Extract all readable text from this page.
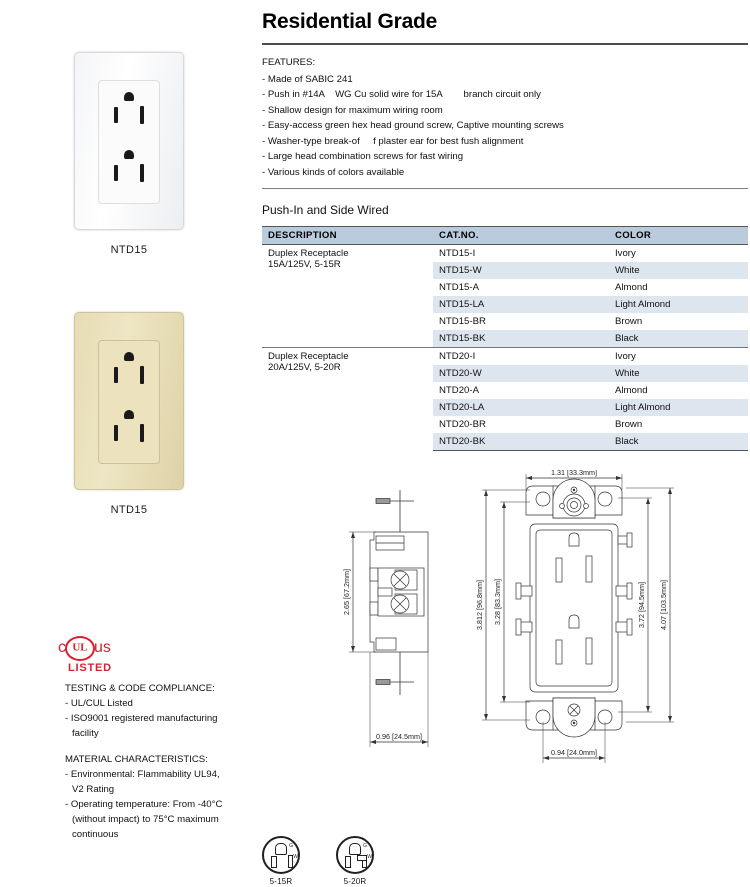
NTD15
NTD15
c UL us
LISTED

TESTING & CODE COMPLIANCE:

- UL/CUL Listed

- ISO9001 registered manufacturing

facility

MATERIAL CHARACTERISTICS:

- Environmental: Flammability UL94,

V2 Rating

- Operating temperature: From -40°C

(without impact) to 75°C maximum

continuous

G
W
5-15R
G
W
5-20R
Residential Grade
FEATURES:
- Made of SABIC 241
- Push in #14A    WG Cu solid wire for 15A        branch circuit only
- Shallow design for maximum wiring room
- Easy-access green hex head ground screw, Captive mounting screws
- Washer-type break-of     f plaster ear for best fush alignment
- Large head combination screws for fast wiring
- Various kinds of colors available
Push-In and Side Wired
DESCRIPTION	CAT.NO.	COLOR

Duplex Receptacle
15A/125V, 5-15R	NTD15-I	Ivory
	NTD15-W	White
	NTD15-A	Almond
	NTD15-LA	Light Almond
	NTD15-BR	Brown
	NTD15-BK	Black

Duplex Receptacle
20A/125V, 5-20R	NTD20-I	Ivory
	NTD20-W	White
	NTD20-A	Almond
	NTD20-LA	Light Almond
	NTD20-BR	Brown
	NTD20-BK	Black
2.65 [67.2mm]
0.96 [24.5mm]
1.31 [33.3mm]
0.94 [24.0mm]
3.812 [96.8mm] 3.28 [83.3mm]	3.72 [94.5mm] 4.07 [103.5mm]
